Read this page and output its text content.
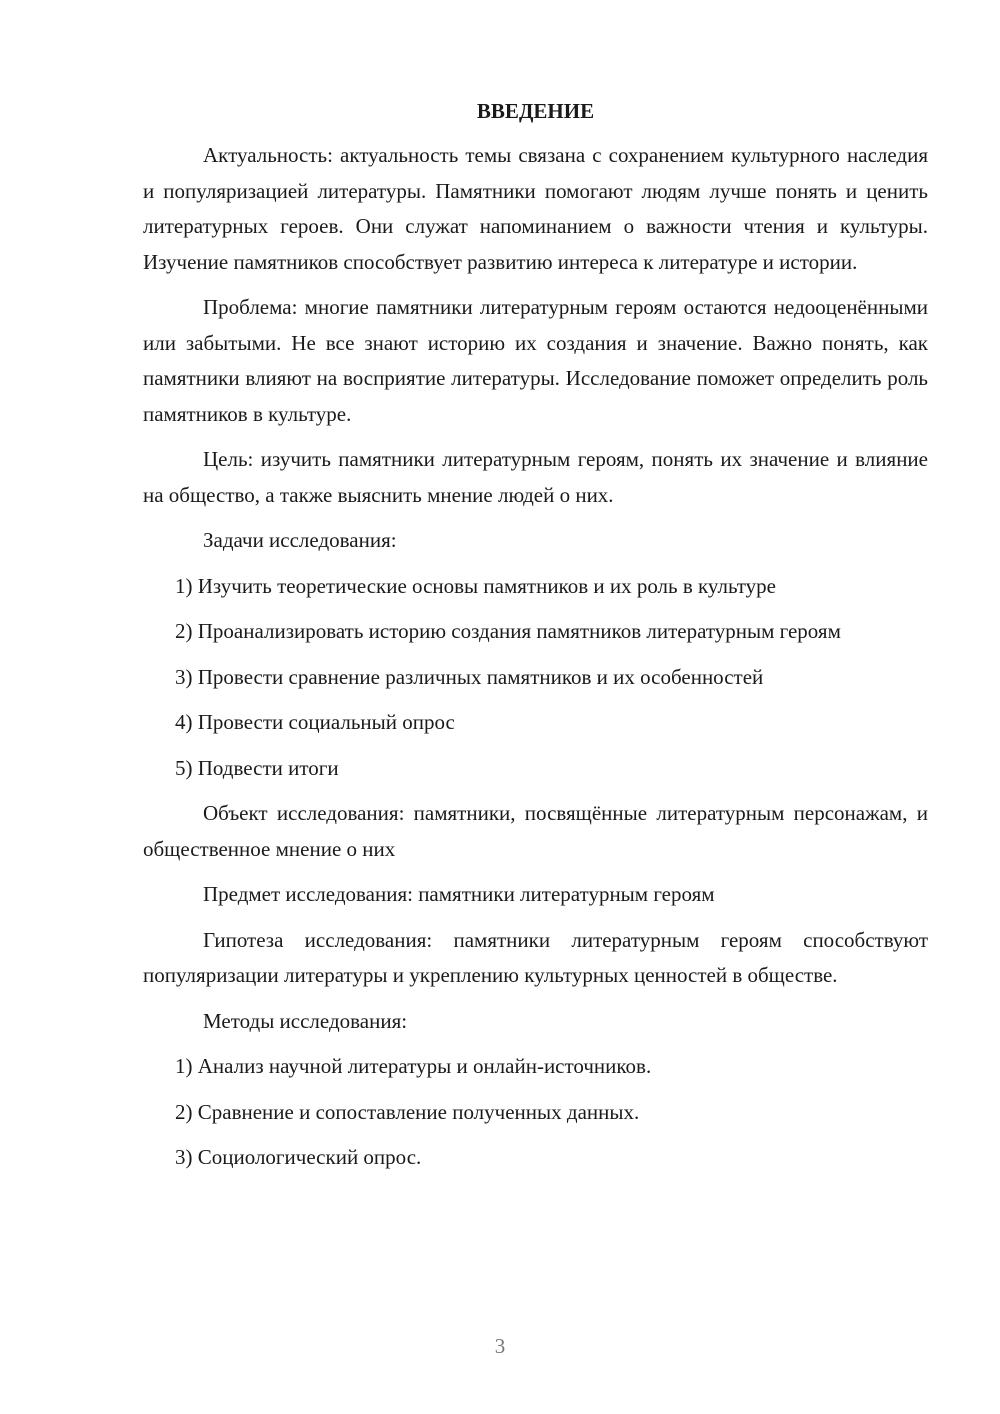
ВВЕДЕНИЕ

Актуальность: актуальность темы связана с сохранением культурного наследия и популяризацией литературы. Памятники помогают людям лучше понять и ценить литературных героев. Они служат напоминанием о важности чтения и культуры. Изучение памятников способствует развитию интереса к литературе и истории.

Проблема: многие памятники литературным героям остаются недооценёнными или забытыми. Не все знают историю их создания и значение. Важно понять, как памятники влияют на восприятие литературы. Исследование поможет определить роль памятников в культуре.

Цель: изучить памятники литературным героям, понять их значение и влияние на общество, а также выяснить мнение людей о них.

Задачи исследования:

1) Изучить теоретические основы памятников и их роль в культуре

2) Проанализировать историю создания памятников литературным героям

3) Провести сравнение различных памятников и их особенностей

4) Провести социальный опрос

5) Подвести итоги

Объект исследования: памятники, посвящённые литературным персонажам, и общественное мнение о них

Предмет исследования: памятники литературным героям

Гипотеза исследования: памятники литературным героям способствуют популяризации литературы и укреплению культурных ценностей в обществе.

Методы исследования:

1) Анализ научной литературы и онлайн-источников.

2) Сравнение и сопоставление полученных данных.

3) Социологический опрос.

3
